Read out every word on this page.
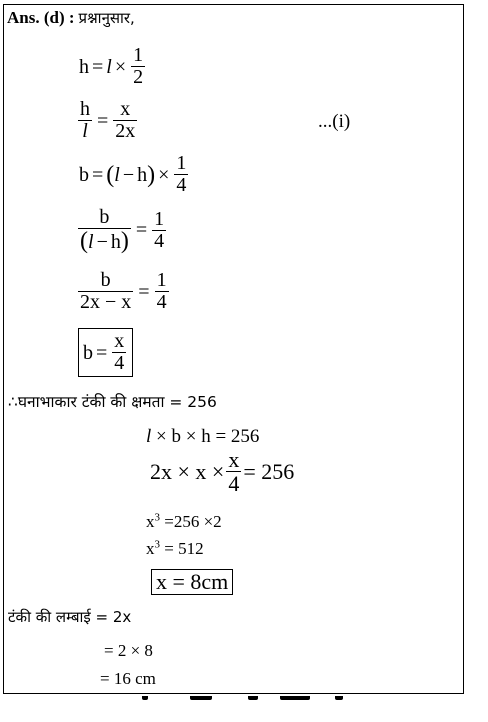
Ans. (d) : प्रश्नानुसार,
$h = l \times \frac{1}{2}$
$\frac{h}{l} = \frac{x}{2x}$	...(i)
b = ( l − h ) × $\frac{1}{4}$
$\frac{b}{(l - h)} = \frac{1}{4}$
$\frac{b}{2x - x} = \frac{1}{4}$
$b = \frac{x}{4}$
∴घनाभाकार टंकी की क्षमता = 256
l × b × h = 256
$2x \times x \times \frac{x}{4} = 256$
$x^3 =256 \times 2$
$x^3 = 512$
x = 8cm
टंकी की लम्बाई = 2x
= 2 × 8
= 16 cm
